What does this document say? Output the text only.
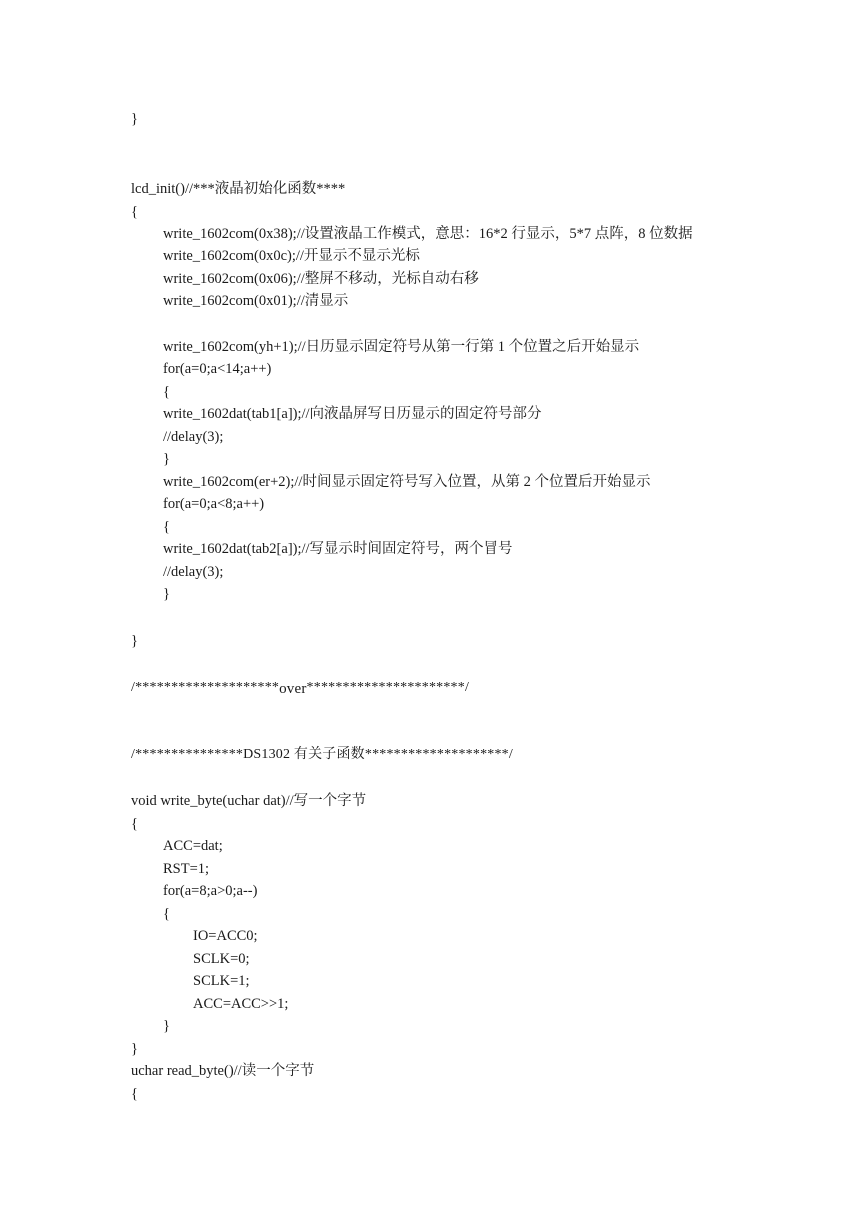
}
lcd_init()//***液晶初始化函数****
{
write_1602com(0x38);//设置液晶工作模式，意思：16*2 行显示，5*7 点阵，8 位数据
write_1602com(0x0c);//开显示不显示光标
write_1602com(0x06);//整屏不移动，光标自动右移
write_1602com(0x01);//清显示
write_1602com(yh+1);//日历显示固定符号从第一行第 1 个位置之后开始显示
for(a=0;a<14;a++)
{
write_1602dat(tab1[a]);//向液晶屏写日历显示的固定符号部分
//delay(3);
}
write_1602com(er+2);//时间显示固定符号写入位置，从第 2 个位置后开始显示
for(a=0;a<8;a++)
{
write_1602dat(tab2[a]);//写显示时间固定符号，两个冒号
//delay(3);
}
}
/********************over**********************/
/***************DS1302 有关子函数********************/
void write_byte(uchar dat)//写一个字节
{
ACC=dat;
RST=1;
for(a=8;a>0;a--)
{
IO=ACC0;
SCLK=0;
SCLK=1;
ACC=ACC>>1;
}
}
uchar read_byte()//读一个字节
{
